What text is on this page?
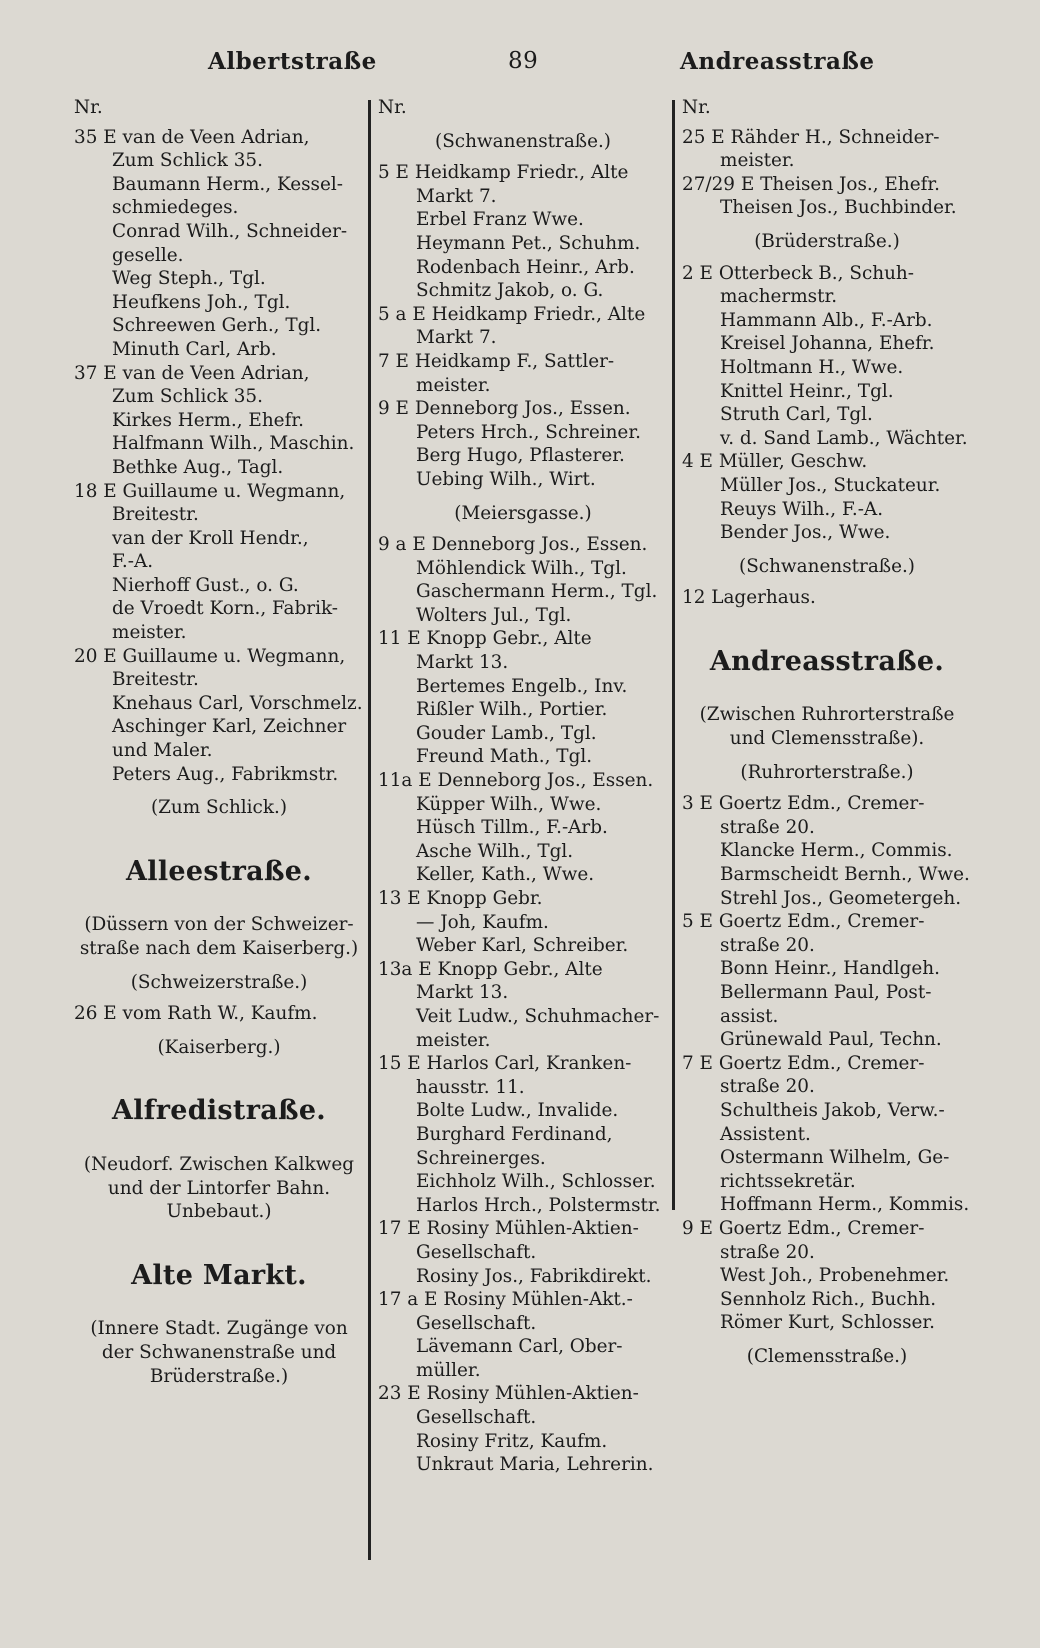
Albertstraße	89	Andreasstraße
Nr.
35 E van de Veen Adrian,
Zum Schlick 35.
Baumann Herm., Kessel-
schmiedeges.
Conrad Wilh., Schneider-
geselle.
Weg Steph., Tgl.
Heufkens Joh., Tgl.
Schreewen Gerh., Tgl.
Minuth Carl, Arb.
37 E van de Veen Adrian,
Zum Schlick 35.
Kirkes Herm., Ehefr.
Halfmann Wilh., Maschin.
Bethke Aug., Tagl.
18 E Guillaume u. Wegmann,
Breitestr.
van der Kroll Hendr.,
F.-A.
Nierhoff Gust., o. G.
de Vroedt Korn., Fabrik-
meister.
20 E Guillaume u. Wegmann,
Breitestr.
Knehaus Carl, Vorschmelz.
Aschinger Karl, Zeichner
und Maler.
Peters Aug., Fabrikmstr.
(Zum Schlick.)
Alleestraße.
(Düssern von der Schweizer-straße nach dem Kaiserberg.)
(Schweizerstraße.)
26 E vom Rath W., Kaufm.
(Kaiserberg.)
Alfredistraße.
(Neudorf. Zwischen Kalkweg und der Lintorfer Bahn. Unbebaut.)
Alte Markt.
(Innere Stadt. Zugänge von der Schwanenstraße und Brüderstraße.)
Nr.
(Schwanenstraße.)
5 E Heidkamp Friedr., Alte
Markt 7.
Erbel Franz Wwe.
Heymann Pet., Schuhm.
Rodenbach Heinr., Arb.
Schmitz Jakob, o. G.
5 a E Heidkamp Friedr., Alte
Markt 7.
7 E Heidkamp F., Sattler-
meister.
9 E Denneborg Jos., Essen.
Peters Hrch., Schreiner.
Berg Hugo, Pflasterer.
Uebing Wilh., Wirt.
(Meiersgasse.)
9 a E Denneborg Jos., Essen.
Möhlendick Wilh., Tgl.
Gaschermann Herm., Tgl.
Wolters Jul., Tgl.
11 E Knopp Gebr., Alte
Markt 13.
Bertemes Engelb., Inv.
Rißler Wilh., Portier.
Gouder Lamb., Tgl.
Freund Math., Tgl.
11a E Denneborg Jos., Essen.
Küpper Wilh., Wwe.
Hüsch Tillm., F.-Arb.
Asche Wilh., Tgl.
Keller, Kath., Wwe.
13 E Knopp Gebr.
— Joh, Kaufm.
Weber Karl, Schreiber.
13a E Knopp Gebr., Alte
Markt 13.
Veit Ludw., Schuhmacher-
meister.
15 E Harlos Carl, Kranken-
hausstr. 11.
Bolte Ludw., Invalide.
Burghard Ferdinand,
Schreinerges.
Eichholz Wilh., Schlosser.
Harlos Hrch., Polstermstr.
17 E Rosiny Mühlen-Aktien-
Gesellschaft.
Rosiny Jos., Fabrikdirekt.
17 a E Rosiny Mühlen-Akt.-
Gesellschaft.
Lävemann Carl, Ober-
müller.
23 E Rosiny Mühlen-Aktien-
Gesellschaft.
Rosiny Fritz, Kaufm.
Unkraut Maria, Lehrerin.
Nr.
25 E Rähder H., Schneider-
meister.
27/29 E Theisen Jos., Ehefr.
Theisen Jos., Buchbinder.
(Brüderstraße.)
2 E Otterbeck B., Schuh-
machermstr.
Hammann Alb., F.-Arb.
Kreisel Johanna, Ehefr.
Holtmann H., Wwe.
Knittel Heinr., Tgl.
Struth Carl, Tgl.
v. d. Sand Lamb., Wächter.
4 E Müller, Geschw.
Müller Jos., Stuckateur.
Reuys Wilh., F.-A.
Bender Jos., Wwe.
(Schwanenstraße.)
12 Lagerhaus.
Andreasstraße.
(Zwischen Ruhrorterstraße und Clemensstraße).
(Ruhrorterstraße.)
3 E Goertz Edm., Cremer-
straße 20.
Klancke Herm., Commis.
Barmscheidt Bernh., Wwe.
Strehl Jos., Geometergeh.
5 E Goertz Edm., Cremer-
straße 20.
Bonn Heinr., Handlgeh.
Bellermann Paul, Post-
assist.
Grünewald Paul, Techn.
7 E Goertz Edm., Cremer-
straße 20.
Schultheis Jakob, Verw.-
Assistent.
Ostermann Wilhelm, Ge-
richtssekretär.
Hoffmann Herm., Kommis.
9 E Goertz Edm., Cremer-
straße 20.
West Joh., Probenehmer.
Sennholz Rich., Buchh.
Römer Kurt, Schlosser.
(Clemensstraße.)
